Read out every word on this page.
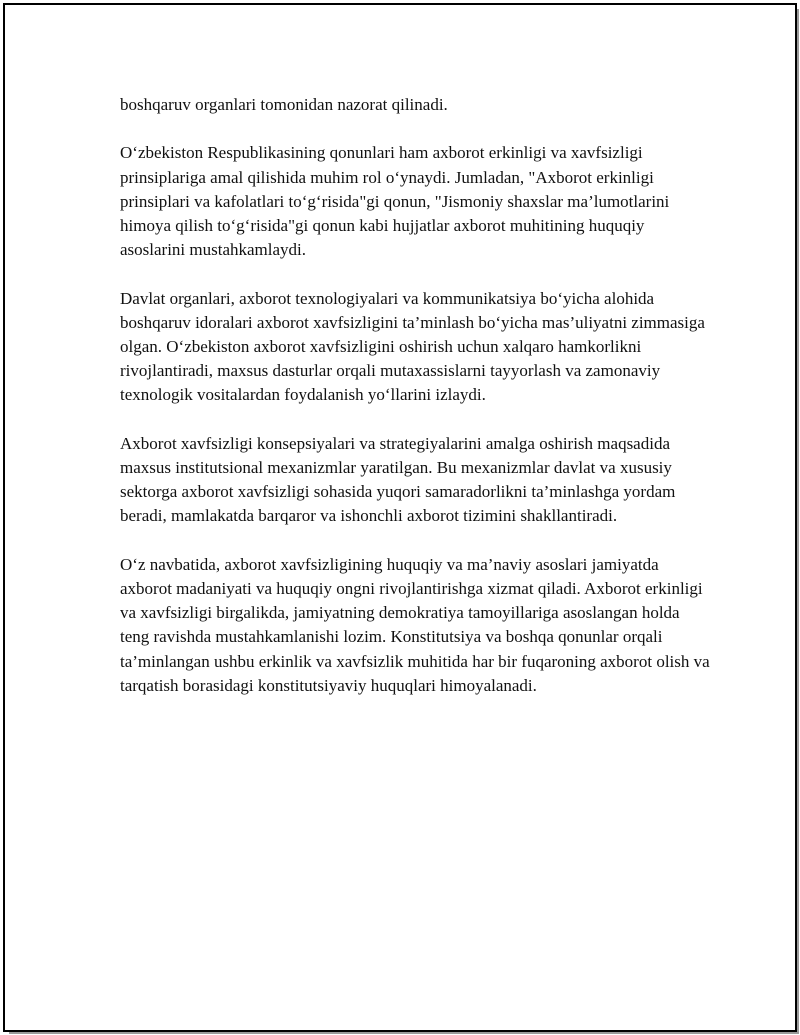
boshqaruv organlari tomonidan nazorat qilinadi.

O‘zbekiston Respublikasining qonunlari ham axborot erkinligi va xavfsizligi prinsiplariga amal qilishida muhim rol o‘ynaydi. Jumladan, "Axborot erkinligi prinsiplari va kafolatlari to‘g‘risida"gi qonun, "Jismoniy shaxslar ma’lumotlarini himoya qilish to‘g‘risida"gi qonun kabi hujjatlar axborot muhitining huquqiy asoslarini mustahkamlaydi.

Davlat organlari, axborot texnologiyalari va kommunikatsiya bo‘yicha alohida boshqaruv idoralari axborot xavfsizligini ta’minlash bo‘yicha mas’uliyatni zimmasiga olgan. O‘zbekiston axborot xavfsizligini oshirish uchun xalqaro hamkorlikni rivojlantiradi, maxsus dasturlar orqali mutaxassislarni tayyorlash va zamonaviy texnologik vositalardan foydalanish yo‘llarini izlaydi.

Axborot xavfsizligi konsepsiyalari va strategiyalarini amalga oshirish maqsadida maxsus institutsional mexanizmlar yaratilgan. Bu mexanizmlar davlat va xususiy sektorga axborot xavfsizligi sohasida yuqori samaradorlikni ta’minlashga yordam beradi, mamlakatda barqaror va ishonchli axborot tizimini shakllantiradi.

O‘z navbatida, axborot xavfsizligining huquqiy va ma’naviy asoslari jamiyatda axborot madaniyati va huquqiy ongni rivojlantirishga xizmat qiladi. Axborot erkinligi va xavfsizligi birgalikda, jamiyatning demokratiya tamoyillariga asoslangan holda teng ravishda mustahkamlanishi lozim. Konstitutsiya va boshqa qonunlar orqali ta’minlangan ushbu erkinlik va xavfsizlik muhitida har bir fuqaroning axborot olish va tarqatish borasidagi konstitutsiyaviy huquqlari himoyalanadi.
